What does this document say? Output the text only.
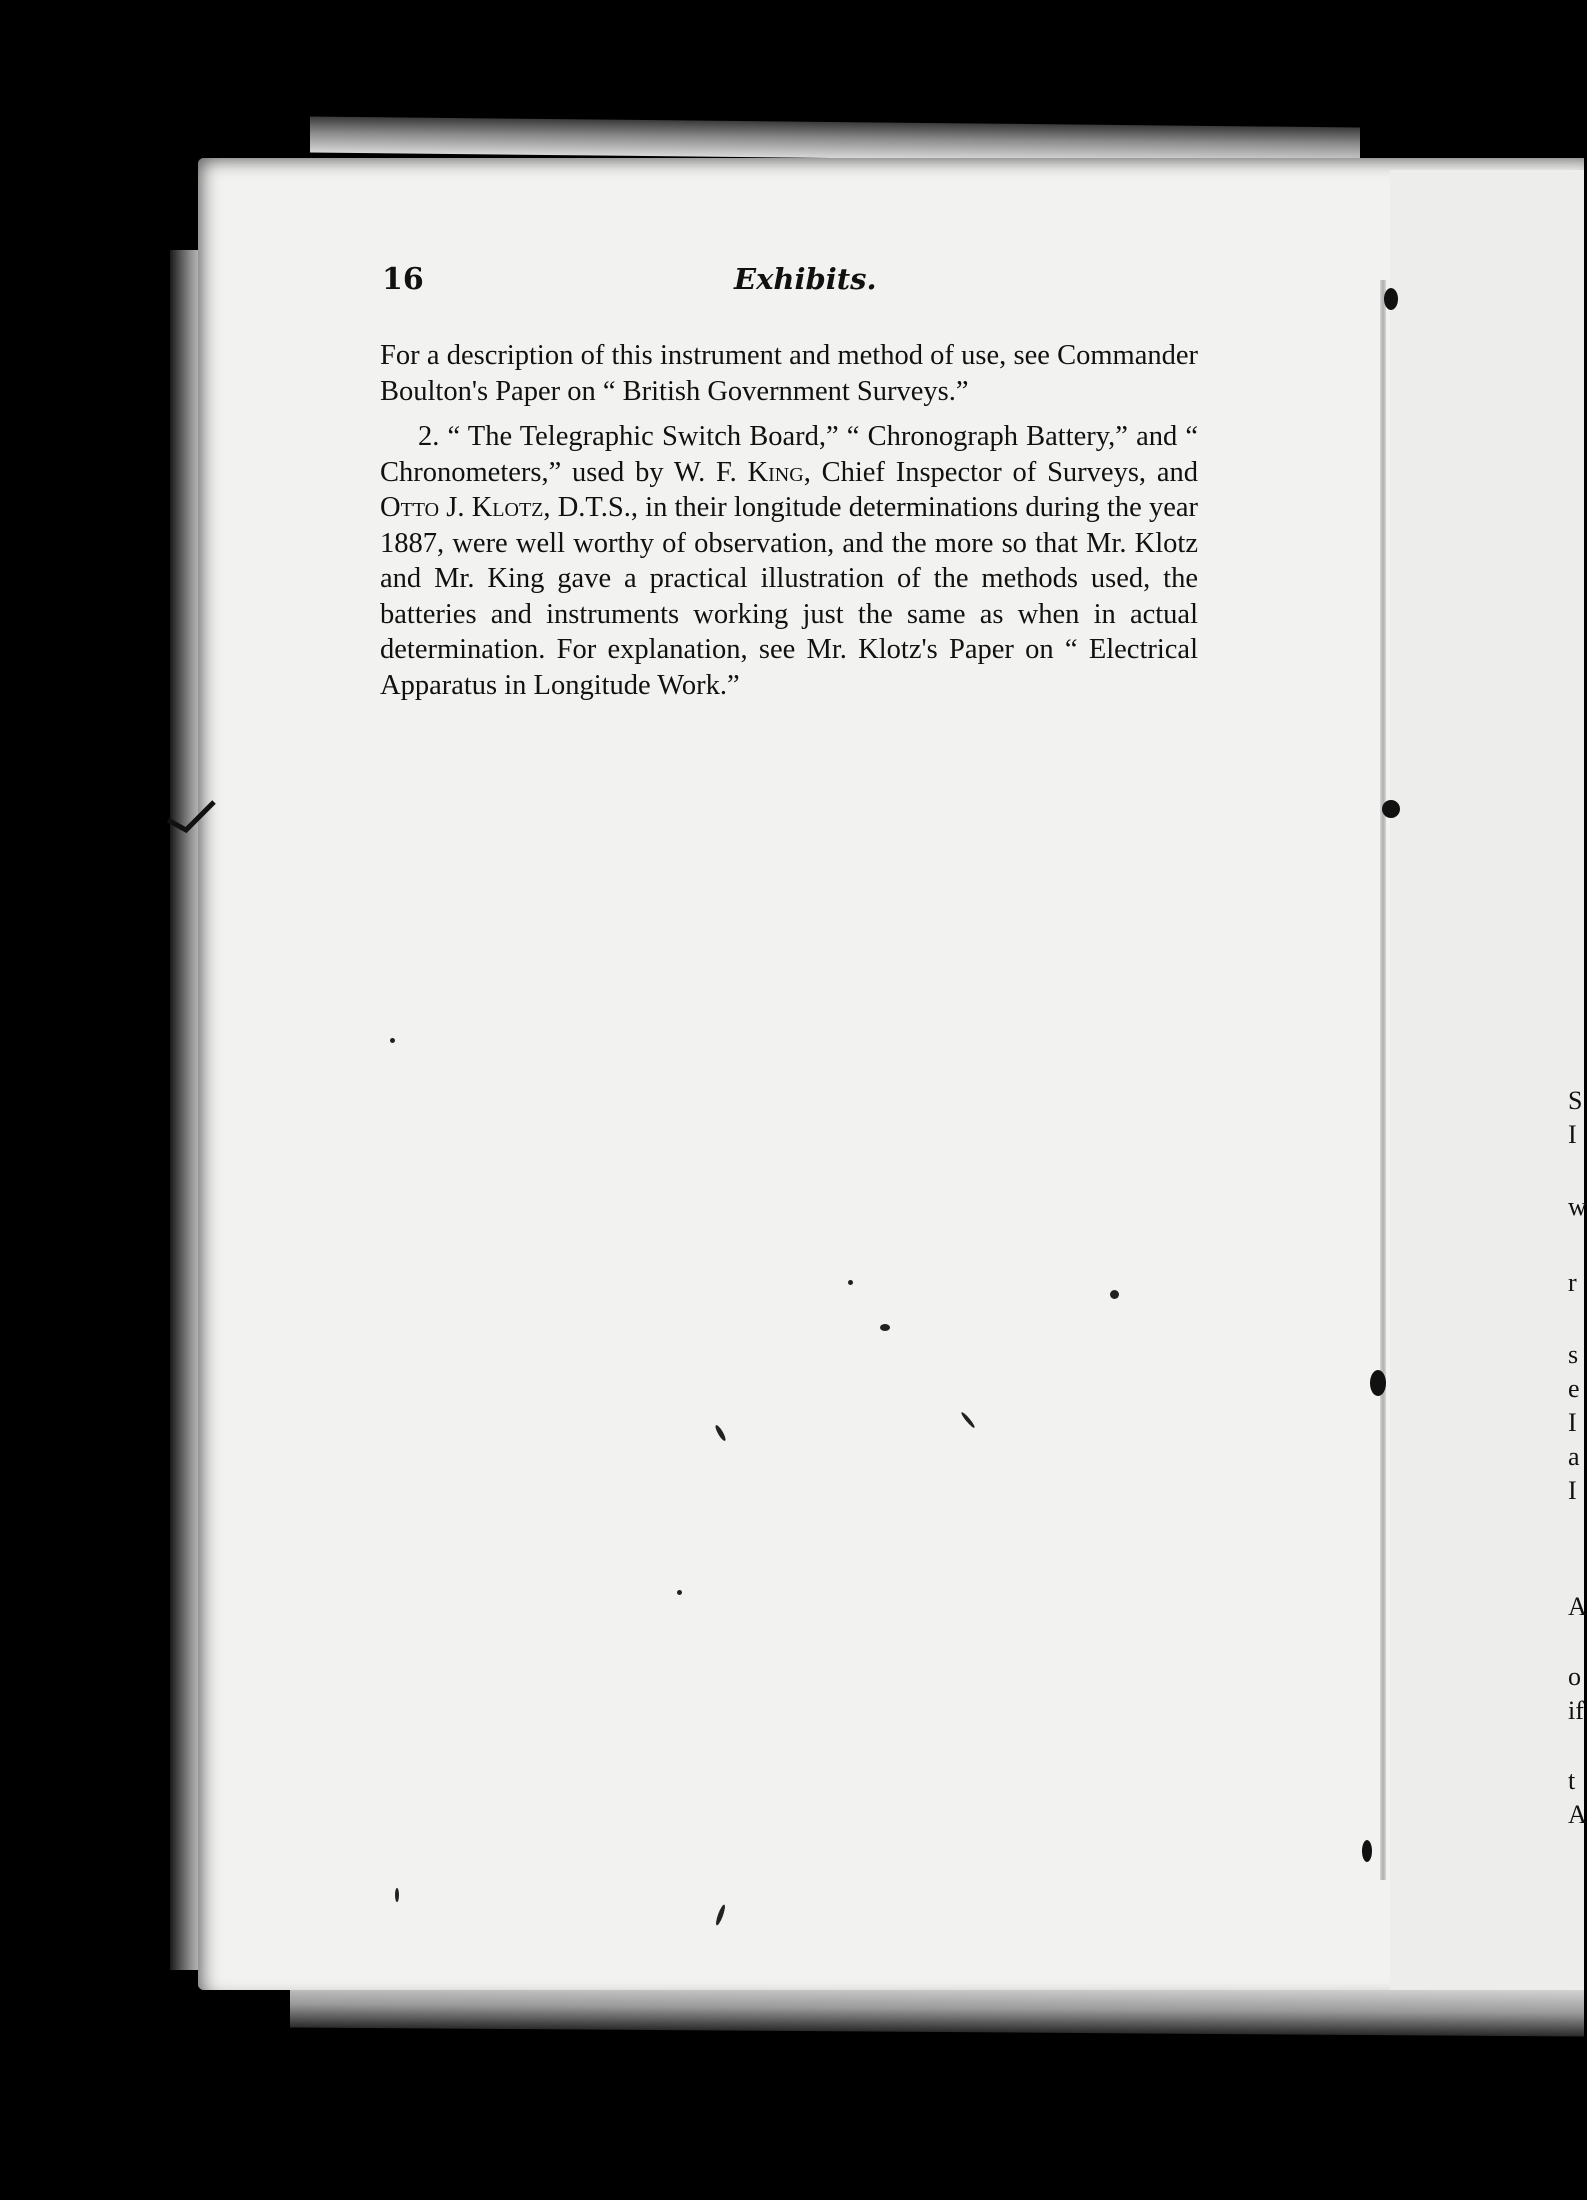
16	Exhibits.

For a description of this instrument and method of use, see Commander Boulton's Paper on “ British Government Surveys.”

2. “ The Telegraphic Switch Board,” “ Chronograph Battery,” and “ Chronometers,” used by W. F. King, Chief Inspector of Surveys, and Otto J. Klotz, D.T.S., in their longitude determinations during the year 1887, were well worthy of observation, and the more so that Mr. Klotz and Mr. King gave a practical illustration of the methods used, the batteries and instruments working just the same as when in actual determination. For explanation, see Mr. Klotz's Paper on “ Electrical Apparatus in Longitude Work.”

S
I
w
r
s
e
I
a
I
A
o
if
t
A
